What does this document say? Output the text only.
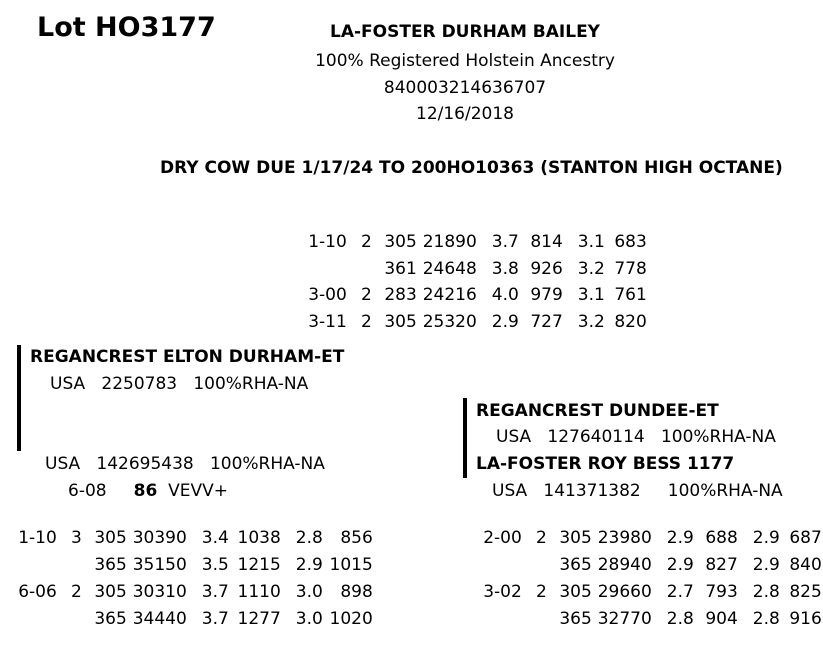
Lot HO3177	LA-FOSTER DURHAM BAILEY
100% Registered Holstein Ancestry
840003214636707
12/16/2018
DRY COW DUE 1/17/24 TO 200HO10363 (STANTON HIGH OCTANE)

1-10 2 305 21890 3.7 814 3.1 683

361 24648 3.8 926 3.2 778

3-00 2 283 24216 4.0 979 3.1 761

3-11 2 305 25320 2.9 727 3.2 820

REGANCREST ELTON DURHAM-ET
USA   2250783   100%RHA-NA
USA   142695438   100%RHA-NA
6-08 86 VEVV+

1-10 3 305 30390 3.4 1038 2.8 856

365 35150 3.5 1215 2.9 1015

6-06 2 305 30310 3.7 1110 3.0 898

365 34440 3.7 1277 3.0 1020

REGANCREST DUNDEE-ET
USA   127640114   100%RHA-NA
LA-FOSTER ROY BESS 1177
USA   141371382     100%RHA-NA

2-00 2 305 23980 2.9 688 2.9 687

365 28940 2.9 827 2.9 840

3-02 2 305 29660 2.7 793 2.8 825

365 32770 2.8 904 2.8 916
